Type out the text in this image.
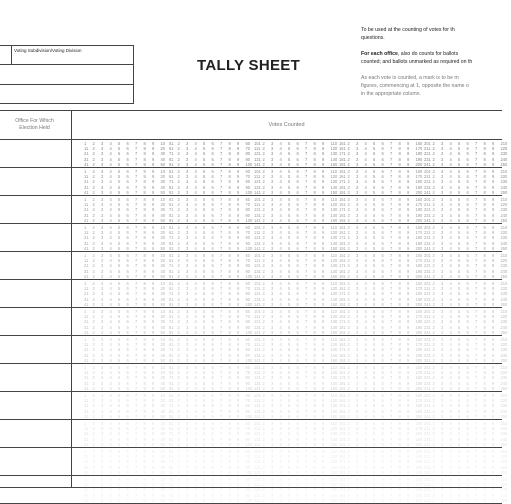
Voting Subdivision/Voting Division
TALLY SHEET
To be used at the counting of votes for th
questions.
For each office, also do counts for ballots
counted; and ballots unmarked as required on th
As each vote is counted, a mark is to be m
figures, commencing at 1, opposite the name o
in the appropriate column.
Office For Which
Election Held	Votes Counted
1	2	3	4	5	6	7	8	9	10 51 2	3	4	5	6	7	8	9	60 101 2	3	4	5	6	7	8	9	110 151 2	3	4	5	6	7	8	9	160 201 2	3	4	5	6	7	8	9	210
11	2	3	4	5	6	7	8	9	20 61 2	3	4	5	6	7	8	9	70 111 2	3	4	5	6	7	8	9	120 161 2	3	4	5	6	7	8	9	170 211 2	3	4	5	6	7	8	9	220
21 2	3	4	5	6	7	8	9	30 71 2	3	4	5	6	7	8	9	80 121 2	3	4	5	6	7	8	9	130 171 2	3	4	5	6	7	8	9	180 221 2	3	4	5	6	7	8	9	230
31 2	3	4	5	6	7	8	9	40 81 2	3	4	5	6	7	8	9	90 131 2	3	4	5	6	7	8	9	140 181 2	3	4	5	6	7	8	9	190 231 2	3	4	5	6	7	8	9	240
41 2	3	4	5	6	7	8	9	50 91 2	3	4	5	6	7	8	9	100 141 2	3	4	5	6	7	8	9	150 191 2	3	4	5	6	7	8	9	200 241 2	3	4	5	6	7	8	9	250
1	2	3	4	5	6	7	8	9	10 51 2	3	4	5	6	7	8	9	60 101 2	3	4	5	6	7	8	9	110 151 2	3	4	5	6	7	8	9	160 201 2	3	4	5	6	7	8	9	210
11	2	3	4	5	6	7	8	9	20 61 2	3	4	5	6	7	8	9	70 111 2	3	4	5	6	7	8	9	120 161 2	3	4	5	6	7	8	9	170 211 2	3	4	5	6	7	8	9	220
21 2	3	4	5	6	7	8	9	30 71 2	3	4	5	6	7	8	9	80 121 2	3	4	5	6	7	8	9	130 171 2	3	4	5	6	7	8	9	180 221 2	3	4	5	6	7	8	9	230
31 2	3	4	5	6	7	8	9	40 81 2	3	4	5	6	7	8	9	90 131 2	3	4	5	6	7	8	9	140 181 2	3	4	5	6	7	8	9	190 231 2	3	4	5	6	7	8	9	240
41 2	3	4	5	6	7	8	9	50 91 2	3	4	5	6	7	8	9	100 141 2	3	4	5	6	7	8	9	150 191 2	3	4	5	6	7	8	9	200 241 2	3	4	5	6	7	8	9	250
1	2	3	4	5	6	7	8	9	10 51 2	3	4	5	6	7	8	9	60 101 2	3	4	5	6	7	8	9	110 151 2	3	4	5	6	7	8	9	160 201 2	3	4	5	6	7	8	9	210
11	2	3	4	5	6	7	8	9	20 61 2	3	4	5	6	7	8	9	70 111 2	3	4	5	6	7	8	9	120 161 2	3	4	5	6	7	8	9	170 211 2	3	4	5	6	7	8	9	220
21 2	3	4	5	6	7	8	9	30 71 2	3	4	5	6	7	8	9	80 121 2	3	4	5	6	7	8	9	130 171 2	3	4	5	6	7	8	9	180 221 2	3	4	5	6	7	8	9	230
31 2	3	4	5	6	7	8	9	40 81 2	3	4	5	6	7	8	9	90 131 2	3	4	5	6	7	8	9	140 181 2	3	4	5	6	7	8	9	190 231 2	3	4	5	6	7	8	9	240
41 2	3	4	5	6	7	8	9	50 91 2	3	4	5	6	7	8	9	100 141 2	3	4	5	6	7	8	9	150 191 2	3	4	5	6	7	8	9	200 241 2	3	4	5	6	7	8	9	250
1	2	3	4	5	6	7	8	9	10 51 2	3	4	5	6	7	8	9	60 101 2	3	4	5	6	7	8	9	110 151 2	3	4	5	6	7	8	9	160 201 2	3	4	5	6	7	8	9	210
11	2	3	4	5	6	7	8	9	20 61 2	3	4	5	6	7	8	9	70 111 2	3	4	5	6	7	8	9	120 161 2	3	4	5	6	7	8	9	170 211 2	3	4	5	6	7	8	9	220
21 2	3	4	5	6	7	8	9	30 71 2	3	4	5	6	7	8	9	80 121 2	3	4	5	6	7	8	9	130 171 2	3	4	5	6	7	8	9	180 221 2	3	4	5	6	7	8	9	230
31 2	3	4	5	6	7	8	9	40 81 2	3	4	5	6	7	8	9	90 131 2	3	4	5	6	7	8	9	140 181 2	3	4	5	6	7	8	9	190 231 2	3	4	5	6	7	8	9	240
41 2	3	4	5	6	7	8	9	50 91 2	3	4	5	6	7	8	9	100 141 2	3	4	5	6	7	8	9	150 191 2	3	4	5	6	7	8	9	200 241 2	3	4	5	6	7	8	9	250
1	2	3	4	5	6	7	8	9	10 51 2	3	4	5	6	7	8	9	60 101 2	3	4	5	6	7	8	9	110 151 2	3	4	5	6	7	8	9	160 201 2	3	4	5	6	7	8	9	210
11	2	3	4	5	6	7	8	9	20 61 2	3	4	5	6	7	8	9	70 111 2	3	4	5	6	7	8	9	120 161 2	3	4	5	6	7	8	9	170 211 2	3	4	5	6	7	8	9	220
21 2	3	4	5	6	7	8	9	30 71 2	3	4	5	6	7	8	9	80 121 2	3	4	5	6	7	8	9	130 171 2	3	4	5	6	7	8	9	180 221 2	3	4	5	6	7	8	9	230
31 2	3	4	5	6	7	8	9	40 81 2	3	4	5	6	7	8	9	90 131 2	3	4	5	6	7	8	9	140 181 2	3	4	5	6	7	8	9	190 231 2	3	4	5	6	7	8	9	240
41 2	3	4	5	6	7	8	9	50 91 2	3	4	5	6	7	8	9	100 141 2	3	4	5	6	7	8	9	150 191 2	3	4	5	6	7	8	9	200 241 2	3	4	5	6	7	8	9	250
1	2	3	4	5	6	7	8	9	10 51 2	3	4	5	6	7	8	9	60 101 2	3	4	5	6	7	8	9	110 151 2	3	4	5	6	7	8	9	160 201 2	3	4	5	6	7	8	9	210
11	2	3	4	5	6	7	8	9	20 61 2	3	4	5	6	7	8	9	70 111 2	3	4	5	6	7	8	9	120 161 2	3	4	5	6	7	8	9	170 211 2	3	4	5	6	7	8	9	220
21 2	3	4	5	6	7	8	9	30 71 2	3	4	5	6	7	8	9	80 121 2	3	4	5	6	7	8	9	130 171 2	3	4	5	6	7	8	9	180 221 2	3	4	5	6	7	8	9	230
31 2	3	4	5	6	7	8	9	40 81 2	3	4	5	6	7	8	9	90 131 2	3	4	5	6	7	8	9	140 181 2	3	4	5	6	7	8	9	190 231 2	3	4	5	6	7	8	9	240
41 2	3	4	5	6	7	8	9	50 91 2	3	4	5	6	7	8	9	100 141 2	3	4	5	6	7	8	9	150 191 2	3	4	5	6	7	8	9	200 241 2	3	4	5	6	7	8	9	250
1	2	3	4	5	6	7	8	9	10 51 2	3	4	5	6	7	8	9	60 101 2	3	4	5	6	7	8	9	110 151 2	3	4	5	6	7	8	9	160 201 2	3	4	5	6	7	8	9	210
11	2	3	4	5	6	7	8	9	20 61 2	3	4	5	6	7	8	9	70 111 2	3	4	5	6	7	8	9	120 161 2	3	4	5	6	7	8	9	170 211 2	3	4	5	6	7	8	9	220
21 2	3	4	5	6	7	8	9	30 71 2	3	4	5	6	7	8	9	80 121 2	3	4	5	6	7	8	9	130 171 2	3	4	5	6	7	8	9	180 221 2	3	4	5	6	7	8	9	230
31 2	3	4	5	6	7	8	9	40 81 2	3	4	5	6	7	8	9	90 131 2	3	4	5	6	7	8	9	140 181 2	3	4	5	6	7	8	9	190 231 2	3	4	5	6	7	8	9	240
41 2	3	4	5	6	7	8	9	50 91 2	3	4	5	6	7	8	9	100 141 2	3	4	5	6	7	8	9	150 191 2	3	4	5	6	7	8	9	200 241 2	3	4	5	6	7	8	9	250
1	2	3	4	5	6	7	8	9	10 51 2	3	4	5	6	7	8	9	60 101 2	3	4	5	6	7	8	9	110 151 2	3	4	5	6	7	8	9	160 201 2	3	4	5	6	7	8	9	210
11	2	3	4	5	6	7	8	9	20 61 2	3	4	5	6	7	8	9	70 111 2	3	4	5	6	7	8	9	120 161 2	3	4	5	6	7	8	9	170 211 2	3	4	5	6	7	8	9	220
21 2	3	4	5	6	7	8	9	30 71 2	3	4	5	6	7	8	9	80 121 2	3	4	5	6	7	8	9	130 171 2	3	4	5	6	7	8	9	180 221 2	3	4	5	6	7	8	9	230
31 2	3	4	5	6	7	8	9	40 81 2	3	4	5	6	7	8	9	90 131 2	3	4	5	6	7	8	9	140 181 2	3	4	5	6	7	8	9	190 231 2	3	4	5	6	7	8	9	240
41 2	3	4	5	6	7	8	9	50 91 2	3	4	5	6	7	8	9	100 141 2	3	4	5	6	7	8	9	150 191 2	3	4	5	6	7	8	9	200 241 2	3	4	5	6	7	8	9	250
1	2	3	4	5	6	7	8	9	10 51 2	3	4	5	6	7	8	9	60 101 2	3	4	5	6	7	8	9	110 151 2	3	4	5	6	7	8	9	160 201 2	3	4	5	6	7	8	9	210
11	2	3	4	5	6	7	8	9	20 61 2	3	4	5	6	7	8	9	70 111 2	3	4	5	6	7	8	9	120 161 2	3	4	5	6	7	8	9	170 211 2	3	4	5	6	7	8	9	220
21 2	3	4	5	6	7	8	9	30 71 2	3	4	5	6	7	8	9	80 121 2	3	4	5	6	7	8	9	130 171 2	3	4	5	6	7	8	9	180 221 2	3	4	5	6	7	8	9	230
31 2	3	4	5	6	7	8	9	40 81 2	3	4	5	6	7	8	9	90 131 2	3	4	5	6	7	8	9	140 181 2	3	4	5	6	7	8	9	190 231 2	3	4	5	6	7	8	9	240
41 2	3	4	5	6	7	8	9	50 91 2	3	4	5	6	7	8	9	100 141 2	3	4	5	6	7	8	9	150 191 2	3	4	5	6	7	8	9	200 241 2	3	4	5	6	7	8	9	250
1	2	3	4	5	6	7	8	9	10 51 2	3	4	5	6	7	8	9	60 101 2	3	4	5	6	7	8	9	110 151 2	3	4	5	6	7	8	9	160 201 2	3	4	5	6	7	8	9	210
11	2	3	4	5	6	7	8	9	20 61 2	3	4	5	6	7	8	9	70 111 2	3	4	5	6	7	8	9	120 161 2	3	4	5	6	7	8	9	170 211 2	3	4	5	6	7	8	9	220
21 2	3	4	5	6	7	8	9	30 71 2	3	4	5	6	7	8	9	80 121 2	3	4	5	6	7	8	9	130 171 2	3	4	5	6	7	8	9	180 221 2	3	4	5	6	7	8	9	230
31 2	3	4	5	6	7	8	9	40 81 2	3	4	5	6	7	8	9	90 131 2	3	4	5	6	7	8	9	140 181 2	3	4	5	6	7	8	9	190 231 2	3	4	5	6	7	8	9	240
41 2	3	4	5	6	7	8	9	50 91 2	3	4	5	6	7	8	9	100 141 2	3	4	5	6	7	8	9	150 191 2	3	4	5	6	7	8	9	200 241 2	3	4	5	6	7	8	9	250
1	2	3	4	5	6	7	8	9	10 51 2	3	4	5	6	7	8	9	60 101 2	3	4	5	6	7	8	9	110 151 2	3	4	5	6	7	8	9	160 201 2	3	4	5	6	7	8	9	210
11	2	3	4	5	6	7	8	9	20 61 2	3	4	5	6	7	8	9	70 111 2	3	4	5	6	7	8	9	120 161 2	3	4	5	6	7	8	9	170 211 2	3	4	5	6	7	8	9	220
21 2	3	4	5	6	7	8	9	30 71 2	3	4	5	6	7	8	9	80 121 2	3	4	5	6	7	8	9	130 171 2	3	4	5	6	7	8	9	180 221 2	3	4	5	6	7	8	9	230
31 2	3	4	5	6	7	8	9	40 81 2	3	4	5	6	7	8	9	90 131 2	3	4	5	6	7	8	9	140 181 2	3	4	5	6	7	8	9	190 231 2	3	4	5	6	7	8	9	240
41 2	3	4	5	6	7	8	9	50 91 2	3	4	5	6	7	8	9	100 141 2	3	4	5	6	7	8	9	150 191 2	3	4	5	6	7	8	9	200 241 2	3	4	5	6	7	8	9	250
1	2	3	4	5	6	7	8	9	10 51 2	3	4	5	6	7	8	9	60 101 2	3	4	5	6	7	8	9	110 151 2	3	4	5	6	7	8	9	160 201 2	3	4	5	6	7	8	9	210
11	2	3	4	5	6	7	8	9	20 61 2	3	4	5	6	7	8	9	70 111 2	3	4	5	6	7	8	9	120 161 2	3	4	5	6	7	8	9	170 211 2	3	4	5	6	7	8	9	220
21 2	3	4	5	6	7	8	9	30 71 2	3	4	5	6	7	8	9	80 121 2	3	4	5	6	7	8	9	130 171 2	3	4	5	6	7	8	9	180 221 2	3	4	5	6	7	8	9	230
31 2	3	4	5	6	7	8	9	40 81 2	3	4	5	6	7	8	9	90 131 2	3	4	5	6	7	8	9	140 181 2	3	4	5	6	7	8	9	190 231 2	3	4	5	6	7	8	9	240
41 2	3	4	5	6	7	8	9	50 91 2	3	4	5	6	7	8	9	100 141 2	3	4	5	6	7	8	9	150 191 2	3	4	5	6	7	8	9	200 241 2	3	4	5	6	7	8	9	250
1	2	3	4	5	6	7	8	9	10 51 2	3	4	5	6	7	8	9	60 101 2	3	4	5	6	7	8	9	110 151 2	3	4	5	6	7	8	9	160 201 2	3	4	5	6	7	8	9	210
11	2	3	4	5	6	7	8	9	20 61 2	3	4	5	6	7	8	9	70 111 2	3	4	5	6	7	8	9	120 161 2	3	4	5	6	7	8	9	170 211 2	3	4	5	6	7	8	9	220
21 2	3	4	5	6	7	8	9	30 71 2	3	4	5	6	7	8	9	80 121 2	3	4	5	6	7	8	9	130 171 2	3	4	5	6	7	8	9	180 221 2	3	4	5	6	7	8	9	230
31 2	3	4	5	6	7	8	9	40 81 2	3	4	5	6	7	8	9	90 131 2	3	4	5	6	7	8	9	140 181 2	3	4	5	6	7	8	9	190 231 2	3	4	5	6	7	8	9	240
41 2	3	4	5	6	7	8	9	50 91 2	3	4	5	6	7	8	9	100 141 2	3	4	5	6	7	8	9	150 191 2	3	4	5	6	7	8	9	200 241 2	3	4	5	6	7	8	9	250
